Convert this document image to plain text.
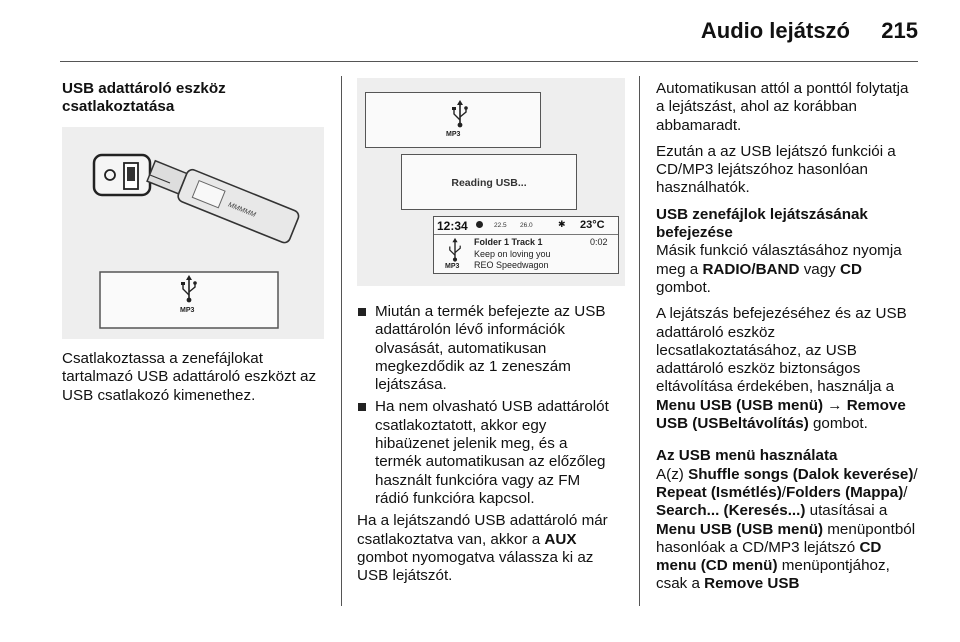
Audio lejátszó 215
USB adattároló eszköz
csatlakoztatása
MMMMM
MP3
Csatlakoztassa a zenefájlokat
tartalmazó USB adattároló eszközt az
USB csatlakozó kimenethez.
MP3
Reading USB...
12:34	22.5 26.0	✱ 23°C
MP3
Folder 1 Track 1	0:02
Keep on loving you
REO Speedwagon
Miután a termék befejezte az USB
adattárolón lévő információk
olvasását, automatikusan
megkezdődik az 1 zeneszám
lejátszása.
Ha nem olvasható USB adattárolót
csatlakoztatott, akkor egy
hibaüzenet jelenik meg, és a
termék automatikusan az előzőleg
használt funkcióra vagy az FM
rádió funkcióra kapcsol.
Ha a lejátszandó USB adattároló már
csatlakoztatva van, akkor a AUX
gombot nyomogatva válassza ki az
USB lejátszót.

Automatikusan attól a ponttól folytatja
a lejátszást, ahol az korábban
abbamaradt.

Ezután a az USB lejátszó funkciói a
CD/MP3 lejátszóhoz hasonlóan
használhatók.

USB zenefájlok lejátszásának
befejezése

Másik funkció választásához nyomja
meg a RADIO/BAND vagy CD
gombot.

A lejátszás befejezéséhez és az USB
adattároló eszköz
lecsatlakoztatásához, az USB
adattároló eszköz biztonságos
eltávolítása érdekében, használja a
Menu USB (USB menü) → Remove
USB (USBeltávolítás) gombot.

Az USB menü használata

A(z) Shuffle songs (Dalok keverése)/
Repeat (Ismétlés)/Folders (Mappa)/
Search... (Keresés...) utasításai a
Menu USB (USB menü) menüpontból
hasonlóak a CD/MP3 lejátszó CD
menu (CD menü) menüpontjához,
csak a Remove USB
